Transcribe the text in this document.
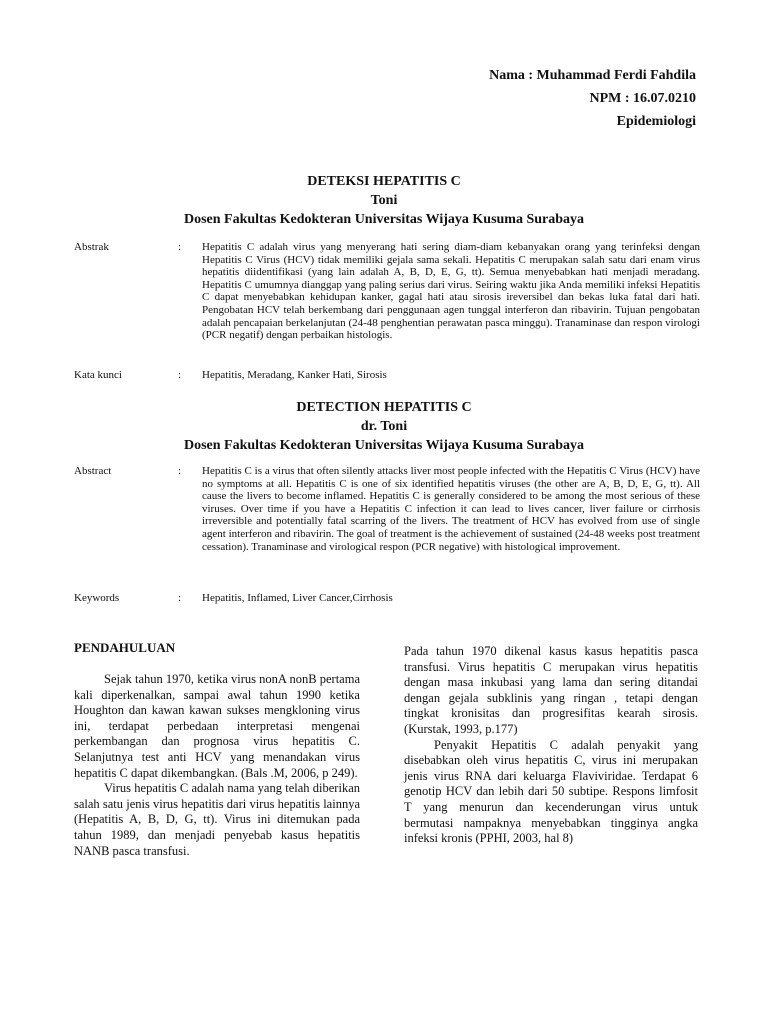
Nama : Muhammad Ferdi Fahdila
NPM : 16.07.0210
Epidemiologi
DETEKSI HEPATITIS C
Toni
Dosen Fakultas Kedokteran Universitas Wijaya Kusuma Surabaya
Abstrak	: Hepatitis C adalah virus yang menyerang hati sering diam-diam kebanyakan orang yang terinfeksi dengan Hepatitis C Virus (HCV) tidak memiliki gejala sama sekali. Hepatitis C merupakan salah satu dari enam virus hepatitis diidentifikasi (yang lain adalah A, B, D, E, G, tt). Semua menyebabkan hati menjadi meradang. Hepatitis C umumnya dianggap yang paling serius dari virus. Seiring waktu jika Anda memiliki infeksi Hepatitis C dapat menyebabkan kehidupan kanker, gagal hati atau sirosis ireversibel dan bekas luka fatal dari hati. Pengobatan HCV telah berkembang dari penggunaan agen tunggal interferon dan ribavirin. Tujuan pengobatan adalah pencapaian berkelanjutan (24-48 penghentian perawatan pasca minggu). Tranaminase dan respon virologi (PCR negatif) dengan perbaikan histologis.
Kata kunci	: Hepatitis, Meradang, Kanker Hati, Sirosis
DETECTION HEPATITIS C
dr. Toni
Dosen Fakultas Kedokteran Universitas Wijaya Kusuma Surabaya
Abstract	: Hepatitis C is a virus that often silently attacks liver most people infected with the Hepatitis C Virus (HCV) have no symptoms at all. Hepatitis C is one of six identified hepatitis viruses (the other are A, B, D, E, G, tt). All cause the livers to become inflamed. Hepatitis C is generally considered to be among the most serious of these viruses. Over time if you have a Hepatitis C infection it can lead to lives cancer, liver failure or cirrhosis irreversible and potentially fatal scarring of the livers. The treatment of HCV has evolved from use of single agent interferon and ribavirin. The goal of treatment is the achievement of sustained (24-48 weeks post treatment cessation). Tranaminase and virological respon (PCR negative) with histological improvement.
Keywords	: Hepatitis, Inflamed, Liver Cancer,Cirrhosis
PENDAHULUAN

Sejak tahun 1970, ketika virus nonA nonB pertama kali diperkenalkan, sampai awal tahun 1990 ketika Houghton dan kawan kawan sukses mengkloning virus ini, terdapat perbedaan interpretasi mengenai perkembangan dan prognosa virus hepatitis C. Selanjutnya test anti HCV yang menandakan virus hepatitis C dapat dikembangkan. (Bals .M, 2006, p 249).

Virus hepatitis C adalah nama yang telah diberikan salah satu jenis virus hepatitis dari virus hepatitis lainnya (Hepatitis A, B, D, G, tt). Virus ini ditemukan pada tahun 1989, dan menjadi penyebab kasus hepatitis NANB pasca transfusi.

Pada tahun 1970 dikenal kasus kasus hepatitis pasca transfusi. Virus hepatitis C merupakan virus hepatitis dengan masa inkubasi yang lama dan sering ditandai dengan gejala subklinis yang ringan , tetapi dengan tingkat kronisitas dan progresifitas kearah sirosis. (Kurstak, 1993, p.177)

Penyakit Hepatitis C adalah penyakit yang disebabkan oleh virus hepatitis C, virus ini merupakan jenis virus RNA dari keluarga Flaviviridae. Terdapat 6 genotip HCV dan lebih dari 50 subtipe. Respons limfosit T yang menurun dan kecenderungan virus untuk bermutasi nampaknya menyebabkan tingginya angka infeksi kronis (PPHI, 2003, hal 8)
